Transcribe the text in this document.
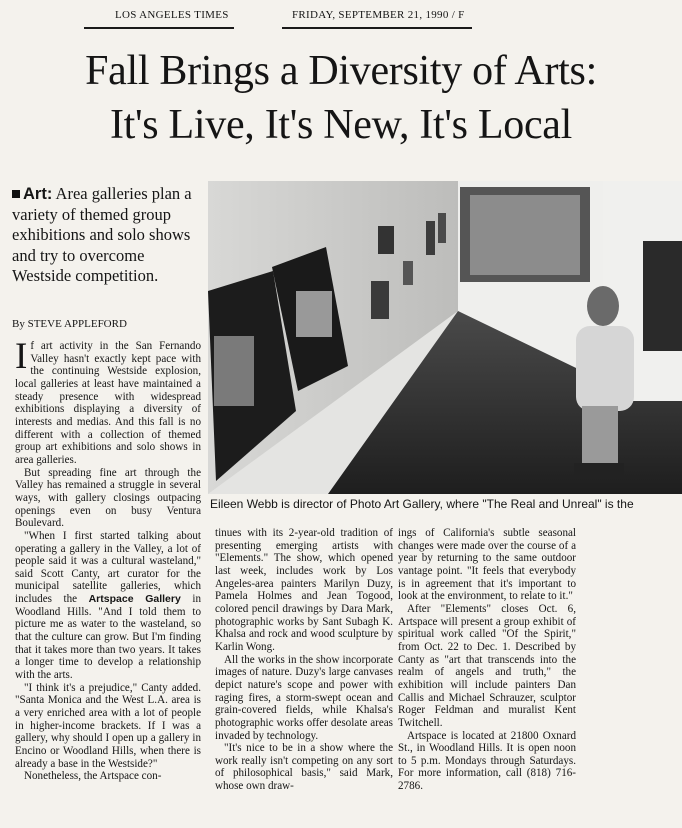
LOS ANGELES TIMES	FRIDAY, SEPTEMBER 21, 1990 / F
Fall Brings a Diversity of Arts:
It's Live, It's New, It's Local
Art: Area galleries plan a variety of themed group exhibitions and solo shows and try to overcome Westside competition.
By STEVE APPLEFORD
Eileen Webb is director of Photo Art Gallery, where "The Real and Unreal" is the

If art activity in the San Fernando Valley hasn't exactly kept pace with the continuing Westside explosion, local galleries at least have maintained a steady presence with widespread exhibitions displaying a diversity of interests and medias. And this fall is no different with a collection of themed group art exhibitions and solo shows in area galleries.

But spreading fine art through the Valley has remained a struggle in several ways, with gallery closings outpacing openings even on busy Ventura Boulevard.

"When I first started talking about operating a gallery in the Valley, a lot of people said it was a cultural wasteland," said Scott Canty, art curator for the municipal satellite galleries, which includes the Artspace Gallery in Woodland Hills. "And I told them to picture me as water to the wasteland, so that the culture can grow. But I'm finding that it takes more than two years. It takes a longer time to develop a relationship with the arts.

"I think it's a prejudice," Canty added. "Santa Monica and the West L.A. area is a very enriched area with a lot of people in higher-income brackets. If I was a gallery, why should I open up a gallery in Encino or Woodland Hills, when there is already a base in the Westside?"

Nonetheless, the Artspace con-

tinues with its 2-year-old tradition of presenting emerging artists with "Elements." The show, which opened last week, includes work by Los Angeles-area painters Marilyn Duzy, Pamela Holmes and Jean Togood, colored pencil drawings by Dara Mark, photographic works by Sant Subagh K. Khalsa and rock and wood sculpture by Karlin Wong.

All the works in the show incorporate images of nature. Duzy's large canvases depict nature's scope and power with raging fires, a storm-swept ocean and grain-covered fields, while Khalsa's photographic works offer desolate areas invaded by technology.

"It's nice to be in a show where the work really isn't competing on any sort of philosophical basis," said Mark, whose own draw-

ings of California's subtle seasonal changes were made over the course of a year by returning to the same outdoor vantage point. "It feels that everybody is in agreement that it's important to look at the environment, to relate to it."

After "Elements" closes Oct. 6, Artspace will present a group exhibit of spiritual work called "Of the Spirit," from Oct. 22 to Dec. 1. Described by Canty as "art that transcends into the realm of angels and truth," the exhibition will include painters Dan Callis and Michael Schrauzer, sculptor Roger Feldman and muralist Kent Twitchell.

Artspace is located at 21800 Oxnard St., in Woodland Hills. It is open noon to 5 p.m. Mondays through Saturdays. For more information, call (818) 716-2786.
